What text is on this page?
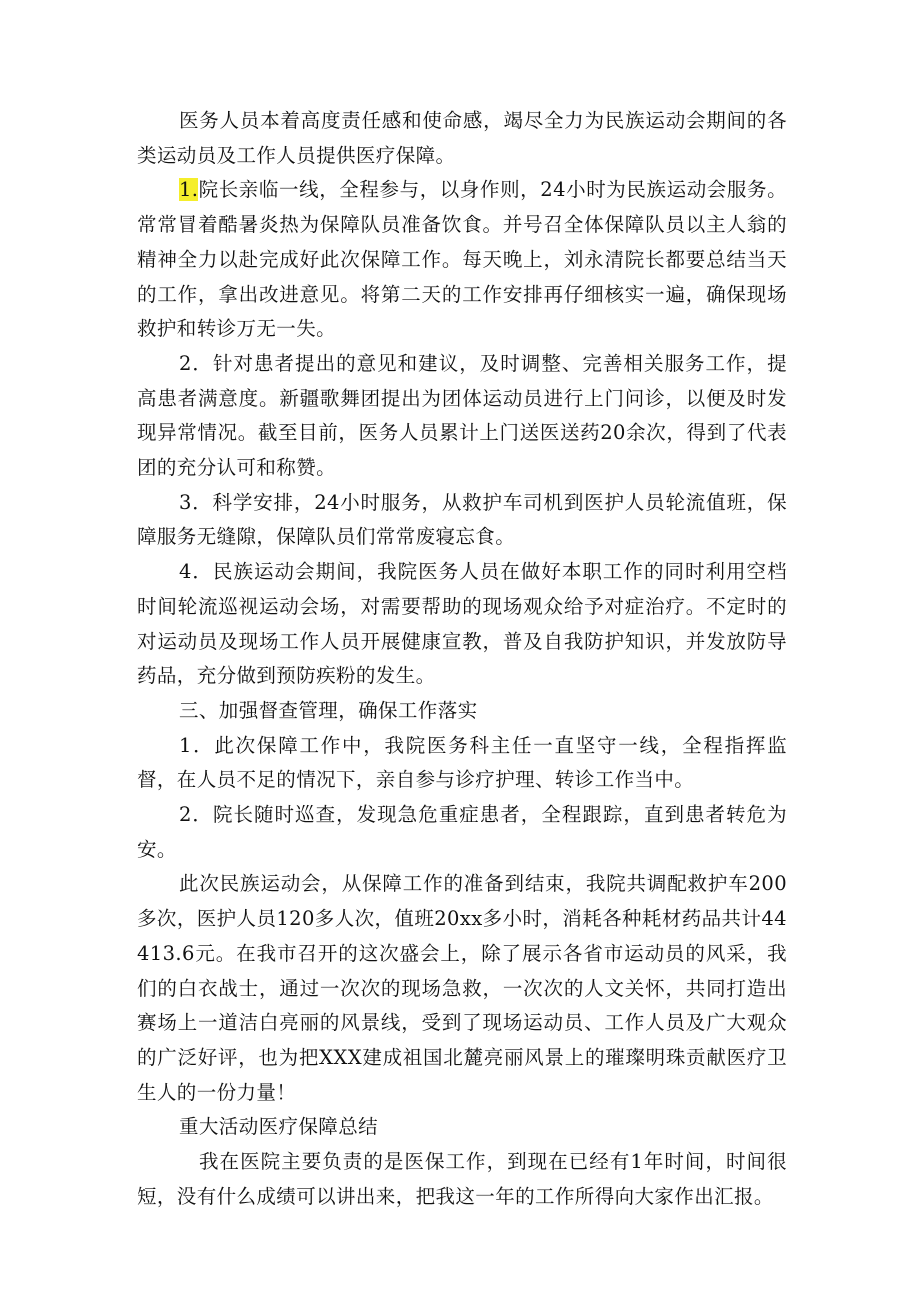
医务人员本着高度责任感和使命感，竭尽全力为民族运动会期间的各类运动员及工作人员提供医疗保障。

1.院长亲临一线，全程参与，以身作则，24小时为民族运动会服务。常常冒着酷暑炎热为保障队员准备饮食。并号召全体保障队员以主人翁的精神全力以赴完成好此次保障工作。每天晚上，刘永清院长都要总结当天的工作，拿出改进意见。将第二天的工作安排再仔细核实一遍，确保现场救护和转诊万无一失。

2．针对患者提出的意见和建议，及时调整、完善相关服务工作，提高患者满意度。新疆歌舞团提出为团体运动员进行上门问诊，以便及时发现异常情况。截至目前，医务人员累计上门送医送药20余次，得到了代表团的充分认可和称赞。

3．科学安排，24小时服务，从救护车司机到医护人员轮流值班，保障服务无缝隙，保障队员们常常废寝忘食。

4．民族运动会期间，我院医务人员在做好本职工作的同时利用空档时间轮流巡视运动会场，对需要帮助的现场观众给予对症治疗。不定时的对运动员及现场工作人员开展健康宣教，普及自我防护知识，并发放防导药品，充分做到预防疾粉的发生。

三、加强督查管理，确保工作落实

1．此次保障工作中，我院医务科主任一直坚守一线，全程指挥监督，在人员不足的情况下，亲自参与诊疗护理、转诊工作当中。

2．院长随时巡查，发现急危重症患者，全程跟踪，直到患者转危为安。

此次民族运动会，从保障工作的准备到结束，我院共调配救护车200多次，医护人员120多人次，值班20xx多小时，消耗各种耗材药品共计44413.6元。在我市召开的这次盛会上，除了展示各省市运动员的风采，我们的白衣战士，通过一次次的现场急救，一次次的人文关怀，共同打造出赛场上一道洁白亮丽的风景线，受到了现场运动员、工作人员及广大观众的广泛好评，也为把XXX建成祖国北麓亮丽风景上的璀璨明珠贡献医疗卫生人的一份力量！

重大活动医疗保障总结

我在医院主要负责的是医保工作，到现在已经有1年时间，时间很短，没有什么成绩可以讲出来，把我这一年的工作所得向大家作出汇报。
